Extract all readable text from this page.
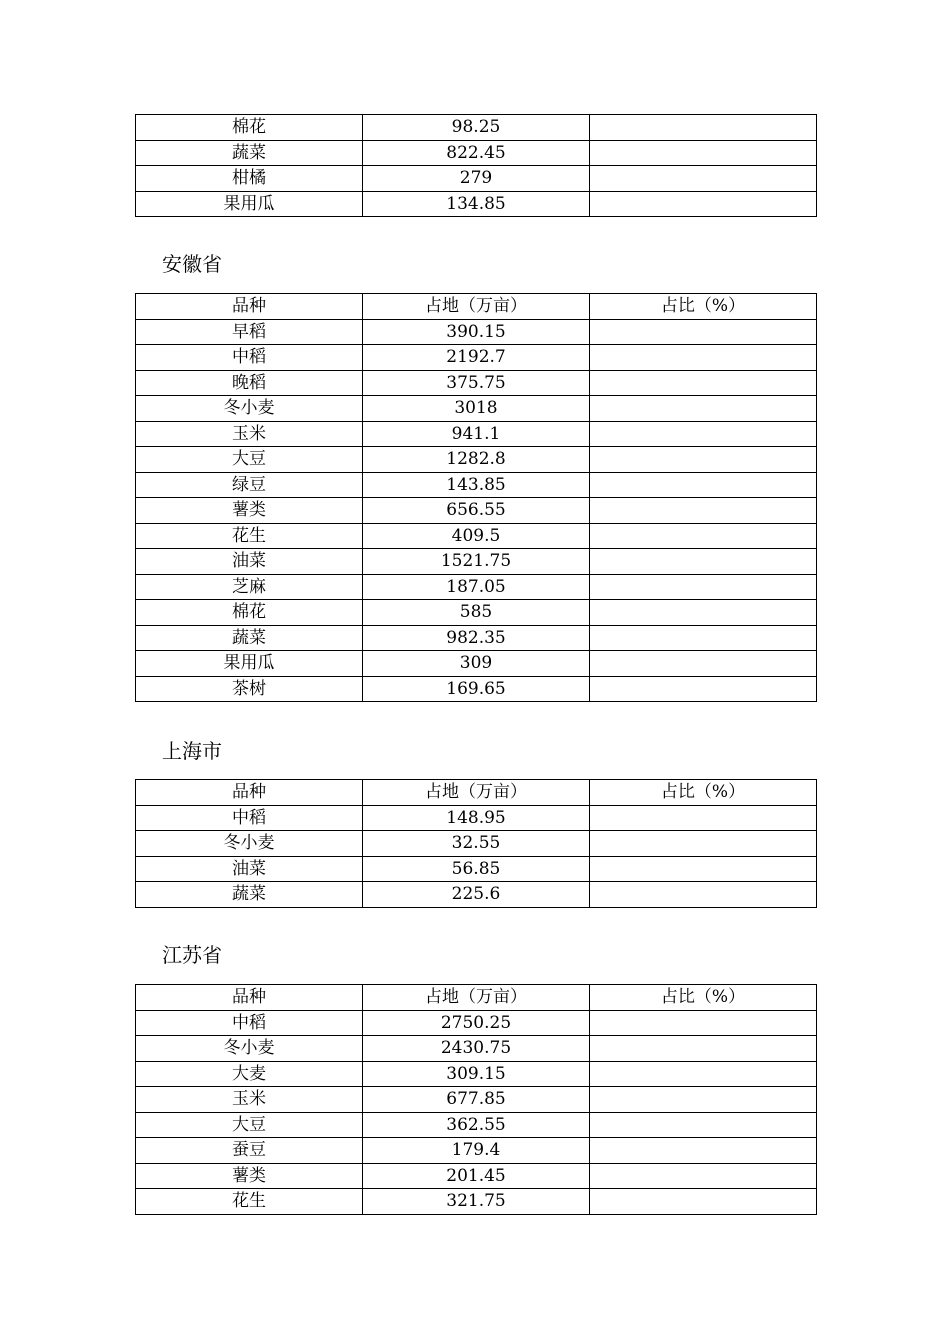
棉花	98.25	
蔬菜	822.45	
柑橘	279	
果用瓜	134.85	
安徽省
品种	占地（万亩）	占比（%）
早稻	390.15	
中稻	2192.7	
晚稻	375.75	
冬小麦	3018	
玉米	941.1	
大豆	1282.8	
绿豆	143.85	
薯类	656.55	
花生	409.5	
油菜	1521.75	
芝麻	187.05	
棉花	585	
蔬菜	982.35	
果用瓜	309	
茶树	169.65	
上海市
品种	占地（万亩）	占比（%）
中稻	148.95	
冬小麦	32.55	
油菜	56.85	
蔬菜	225.6	
江苏省
品种	占地（万亩）	占比（%）
中稻	2750.25	
冬小麦	2430.75	
大麦	309.15	
玉米	677.85	
大豆	362.55	
蚕豆	179.4	
薯类	201.45	
花生	321.75	
